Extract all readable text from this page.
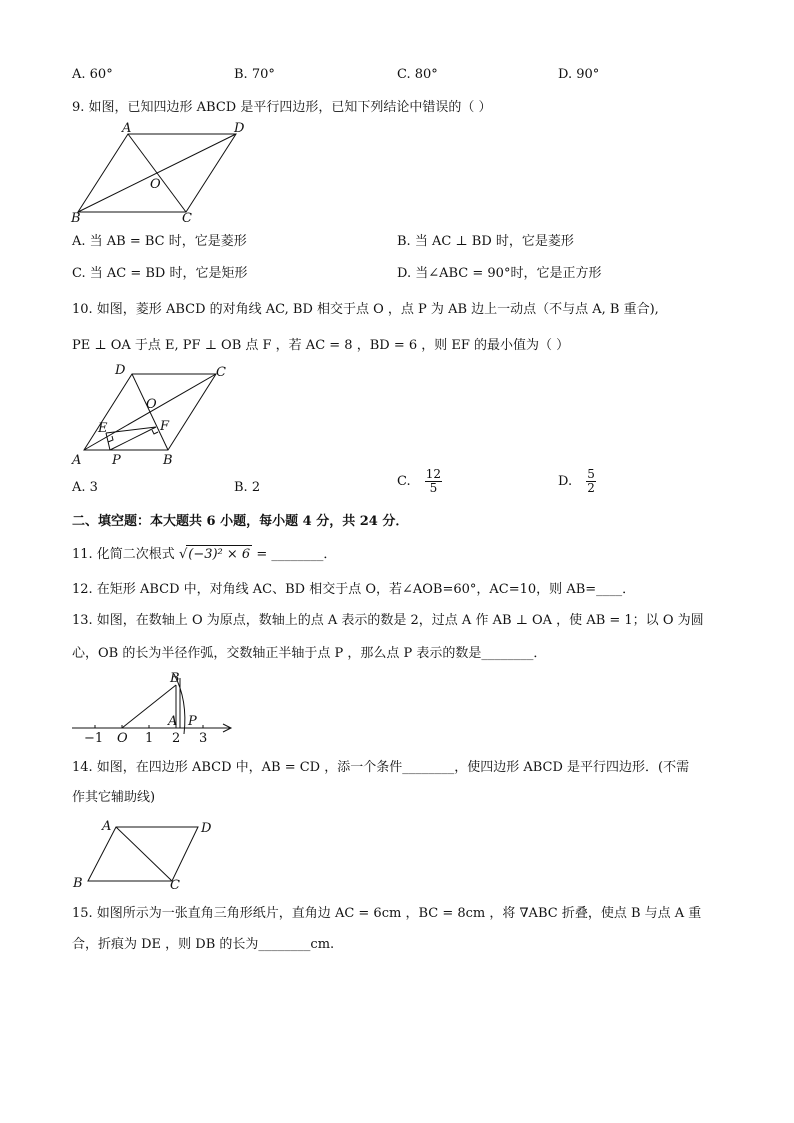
A. 60°	B. 70°	C. 80°	D. 90°
9. 如图，已知四边形 ABCD 是平行四边形，已知下列结论中错误的（ ）
A	D
B	C
O
A. 当 AB = BC 时，它是菱形	B. 当 AC ⊥ BD 时，它是菱形
C. 当 AC = BD 时，它是矩形	D. 当∠ABC = 90°时，它是正方形
10. 如图，菱形 ABCD 的对角线 AC, BD 相交于点 O ，点 P 为 AB 边上一动点（不与点 A, B 重合),
PE ⊥ OA 于点 E, PF ⊥ OB 点 F ，若 AC = 8 ，BD = 6 ，则 EF 的最小值为（ ）
D	C
O
E	F
A P	B
A. 3	B. 2	C. $\frac{12}{5}$	D. $\frac{5}{2}$
二、填空题：本大题共 6 小题，每小题 4 分，共 24 分．
11. 化简二次根式 √(−3)² × 6 = ________．
12. 在矩形 ABCD 中，对角线 AC、BD 相交于点 O，若∠AOB=60°，AC=10，则 AB=____．
13. 如图，在数轴上 O 为原点，数轴上的点 A 表示的数是 2，过点 A 作 AB ⊥ OA ，使 AB = 1；以 O 为圆
心，OB 的长为半径作弧，交数轴正半轴于点 P ，那么点 P 表示的数是________．
B
A P
−1 O 1 2 3
14. 如图，在四边形 ABCD 中，AB = CD ，添一个条件________，使四边形 ABCD 是平行四边形．(不需
作其它辅助线)
A	D
B	C
15. 如图所示为一张直角三角形纸片，直角边 AC = 6cm ，BC = 8cm ，将 ∇ABC 折叠，使点 B 与点 A 重
合，折痕为 DE ，则 DB 的长为________cm.
